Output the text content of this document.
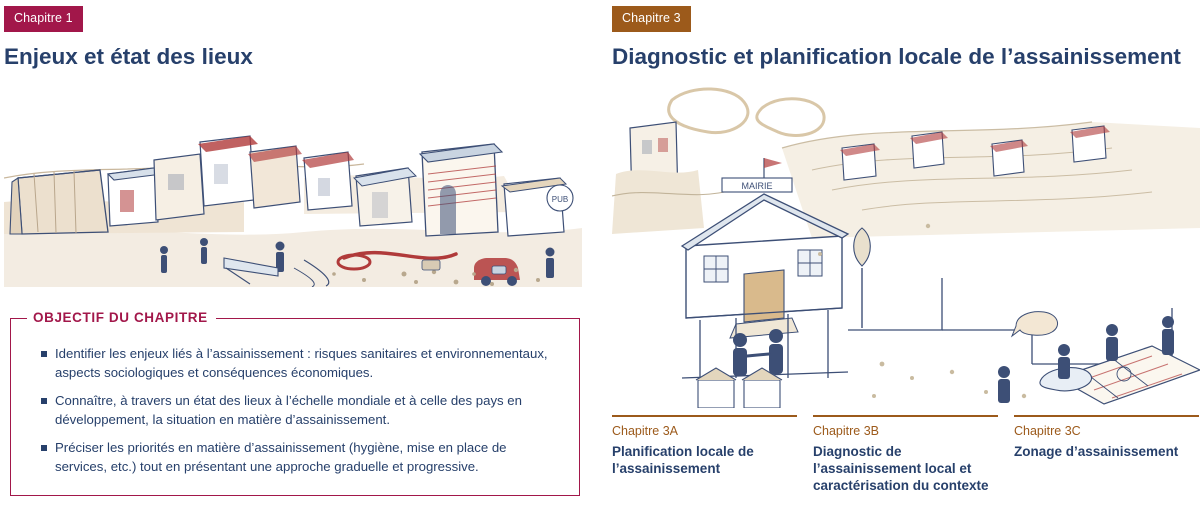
Chapitre 1
Enjeux et état des lieux
PUB
OBJECTIF DU CHAPITRE
Identifier les enjeux liés à l’assainissement : risques sanitaires et environnementaux, aspects sociologiques et conséquences économiques.
Connaître, à travers un état des lieux à l’échelle mondiale et à celle des pays en développement, la situation en matière d’assainissement.
Préciser les priorités en matière d’assainissement (hygiène, mise en place de services, etc.) tout en présentant une approche graduelle et progressive.
Chapitre 3
Diagnostic et planification locale de l’assainissement
MAIRIE
Chapitre 3A
Planification locale de l’assainissement
Chapitre 3B
Diagnostic de l’assainissement local et caractérisation du contexte
Chapitre 3C
Zonage d’assainissement
